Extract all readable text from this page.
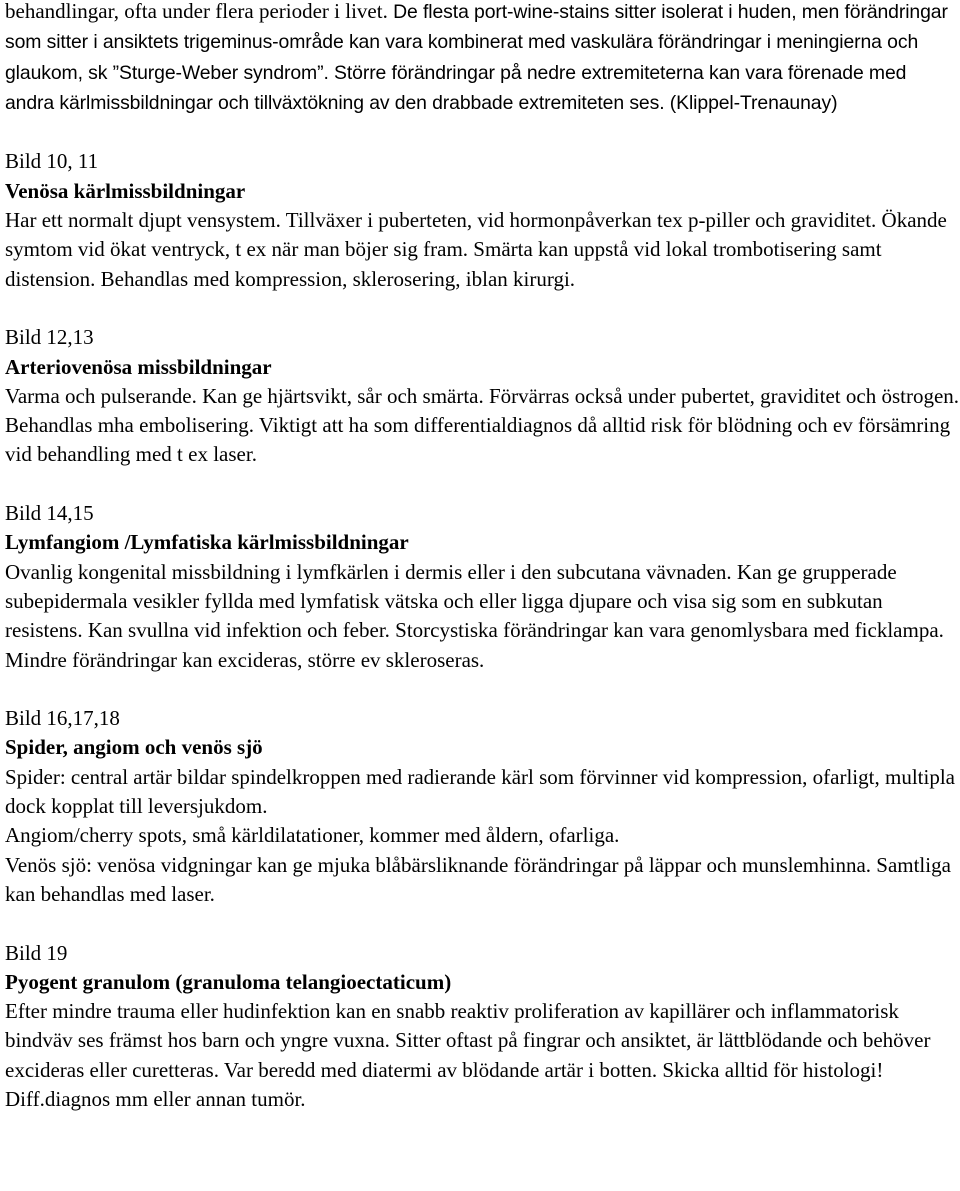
behandlingar, ofta under flera perioder i livet. De flesta port-wine-stains sitter isolerat i huden, men förändringar som sitter i ansiktets trigeminus-område kan vara kombinerat med vaskulära förändringar i meningierna och glaukom, sk ”Sturge-Weber syndrom”. Större förändringar på nedre extremiteterna kan vara förenade med andra kärlmissbildningar och tillväxtökning av den drabbade extremiteten ses. (Klippel-Trenaunay)

Bild 10, 11

Venösa kärlmissbildningar

Har ett normalt djupt vensystem. Tillväxer i puberteten, vid hormonpåverkan tex p-piller och graviditet. Ökande symtom vid ökat ventryck, t ex när man böjer sig fram. Smärta kan uppstå vid lokal trombotisering samt distension. Behandlas med kompression, sklerosering, iblan kirurgi.

Bild 12,13

Arteriovenösa missbildningar

Varma och pulserande. Kan ge hjärtsvikt, sår och smärta. Förvärras också under pubertet, graviditet och östrogen. Behandlas mha embolisering. Viktigt att ha som differentialdiagnos då alltid risk för blödning och ev försämring vid behandling med t ex laser.

Bild 14,15

Lymfangiom /Lymfatiska kärlmissbildningar

Ovanlig kongenital missbildning i lymfkärlen i dermis eller i den subcutana vävnaden. Kan ge grupperade subepidermala vesikler fyllda med lymfatisk vätska och eller ligga djupare och visa sig som en subkutan resistens. Kan svullna vid infektion och feber. Storcystiska förändringar kan vara genomlysbara med ficklampa. Mindre förändringar kan excideras, större ev skleroseras.

Bild 16,17,18

Spider, angiom och venös sjö

Spider: central artär bildar spindelkroppen med radierande kärl som förvinner vid kompression, ofarligt, multipla dock kopplat till leversjukdom.

Angiom/cherry spots, små kärldilatationer, kommer med åldern, ofarliga.

Venös sjö: venösa vidgningar kan ge mjuka blåbärsliknande förändringar på läppar och munslemhinna. Samtliga kan behandlas med laser.

Bild 19

Pyogent granulom (granuloma telangioectaticum)

Efter mindre trauma eller hudinfektion kan en snabb reaktiv proliferation av kapillärer och inflammatorisk bindväv ses främst hos barn och yngre vuxna. Sitter oftast på fingrar och ansiktet, är lättblödande och behöver excideras eller curetteras. Var beredd med diatermi av blödande artär i botten. Skicka alltid för histologi! Diff.diagnos mm eller annan tumör.
